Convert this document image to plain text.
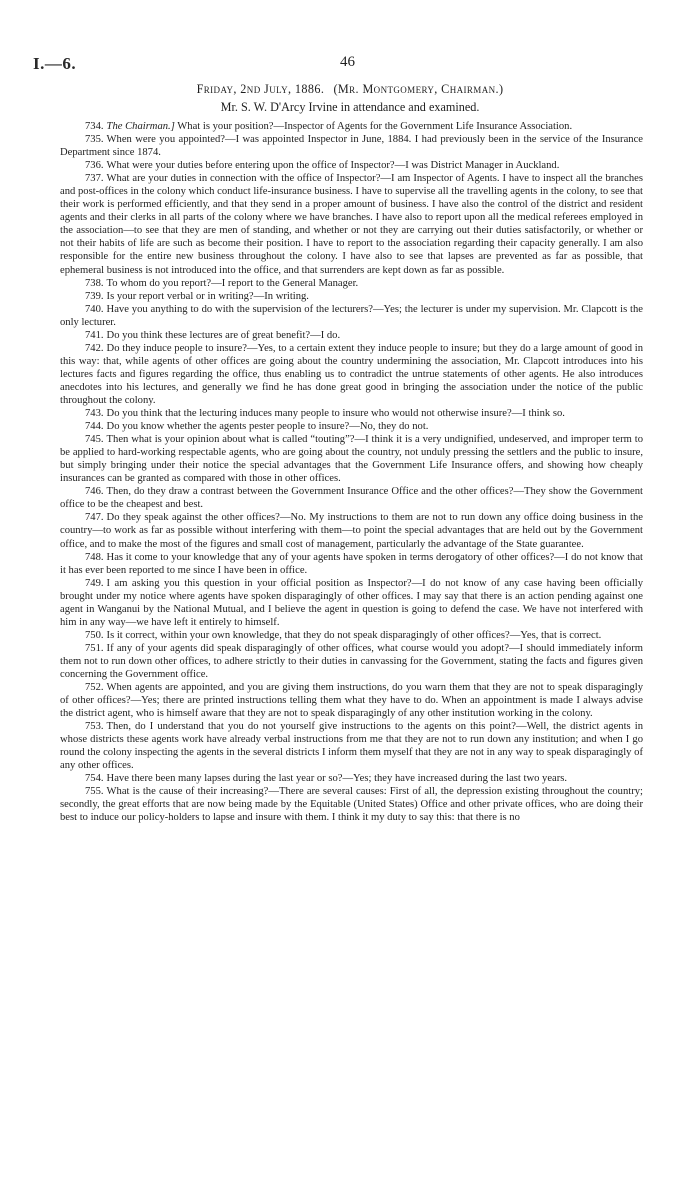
I.—6.	46
Friday, 2nd July, 1886. (Mr. Montgomery, Chairman.)
Mr. S. W. D'Arcy Irvine in attendance and examined.

734. The Chairman.] What is your position?—Inspector of Agents for the Government Life Insurance Association.

735. When were you appointed?—I was appointed Inspector in June, 1884. I had previously been in the service of the Insurance Department since 1874.

736. What were your duties before entering upon the office of Inspector?—I was District Manager in Auckland.

737. What are your duties in connection with the office of Inspector?—I am Inspector of Agents. I have to inspect all the branches and post-offices in the colony which conduct life-insurance business. I have to supervise all the travelling agents in the colony, to see that their work is performed efficiently, and that they send in a proper amount of business. I have also the control of the district and resident agents and their clerks in all parts of the colony where we have branches. I have also to report upon all the medical referees employed in the association—to see that they are men of standing, and whether or not they are carrying out their duties satisfactorily, or whether or not their habits of life are such as become their position. I have to report to the association regarding their capacity generally. I am also responsible for the entire new business throughout the colony. I have also to see that lapses are prevented as far as possible, that ephemeral business is not introduced into the office, and that surrenders are kept down as far as possible.

738. To whom do you report?—I report to the General Manager.

739. Is your report verbal or in writing?—In writing.

740. Have you anything to do with the supervision of the lecturers?—Yes; the lecturer is under my supervision. Mr. Clapcott is the only lecturer.

741. Do you think these lectures are of great benefit?—I do.

742. Do they induce people to insure?—Yes, to a certain extent they induce people to insure; but they do a large amount of good in this way: that, while agents of other offices are going about the country undermining the association, Mr. Clapcott introduces into his lectures facts and figures regarding the office, thus enabling us to contradict the untrue statements of other agents. He also introduces anecdotes into his lectures, and generally we find he has done great good in bringing the association under the notice of the public throughout the colony.

743. Do you think that the lecturing induces many people to insure who would not otherwise insure?—I think so.

744. Do you know whether the agents pester people to insure?—No, they do not.

745. Then what is your opinion about what is called “touting”?—I think it is a very undignified, undeserved, and improper term to be applied to hard-working respectable agents, who are going about the country, not unduly pressing the settlers and the public to insure, but simply bringing under their notice the special advantages that the Government Life Insurance offers, and showing how cheaply insurances can be granted as compared with those in other offices.

746. Then, do they draw a contrast between the Government Insurance Office and the other offices?—They show the Government office to be the cheapest and best.

747. Do they speak against the other offices?—No. My instructions to them are not to run down any office doing business in the country—to work as far as possible without interfering with them—to point the special advantages that are held out by the Government office, and to make the most of the figures and small cost of management, particularly the advantage of the State guarantee.

748. Has it come to your knowledge that any of your agents have spoken in terms derogatory of other offices?—I do not know that it has ever been reported to me since I have been in office.

749. I am asking you this question in your official position as Inspector?—I do not know of any case having been officially brought under my notice where agents have spoken disparagingly of other offices. I may say that there is an action pending against one agent in Wanganui by the National Mutual, and I believe the agent in question is going to defend the case. We have not interfered with him in any way—we have left it entirely to himself.

750. Is it correct, within your own knowledge, that they do not speak disparagingly of other offices?—Yes, that is correct.

751. If any of your agents did speak disparagingly of other offices, what course would you adopt?—I should immediately inform them not to run down other offices, to adhere strictly to their duties in canvassing for the Government, stating the facts and figures given concerning the Government office.

752. When agents are appointed, and you are giving them instructions, do you warn them that they are not to speak disparagingly of other offices?—Yes; there are printed instructions telling them what they have to do. When an appointment is made I always advise the district agent, who is himself aware that they are not to speak disparagingly of any other institution working in the colony.

753. Then, do I understand that you do not yourself give instructions to the agents on this point?—Well, the district agents in whose districts these agents work have already verbal instructions from me that they are not to run down any institution; and when I go round the colony inspecting the agents in the several districts I inform them myself that they are not in any way to speak disparagingly of any other offices.

754. Have there been many lapses during the last year or so?—Yes; they have increased during the last two years.

755. What is the cause of their increasing?—There are several causes: First of all, the depression existing throughout the country; secondly, the great efforts that are now being made by the Equitable (United States) Office and other private offices, who are doing their best to induce our policy-holders to lapse and insure with them. I think it my duty to say this: that there is no
